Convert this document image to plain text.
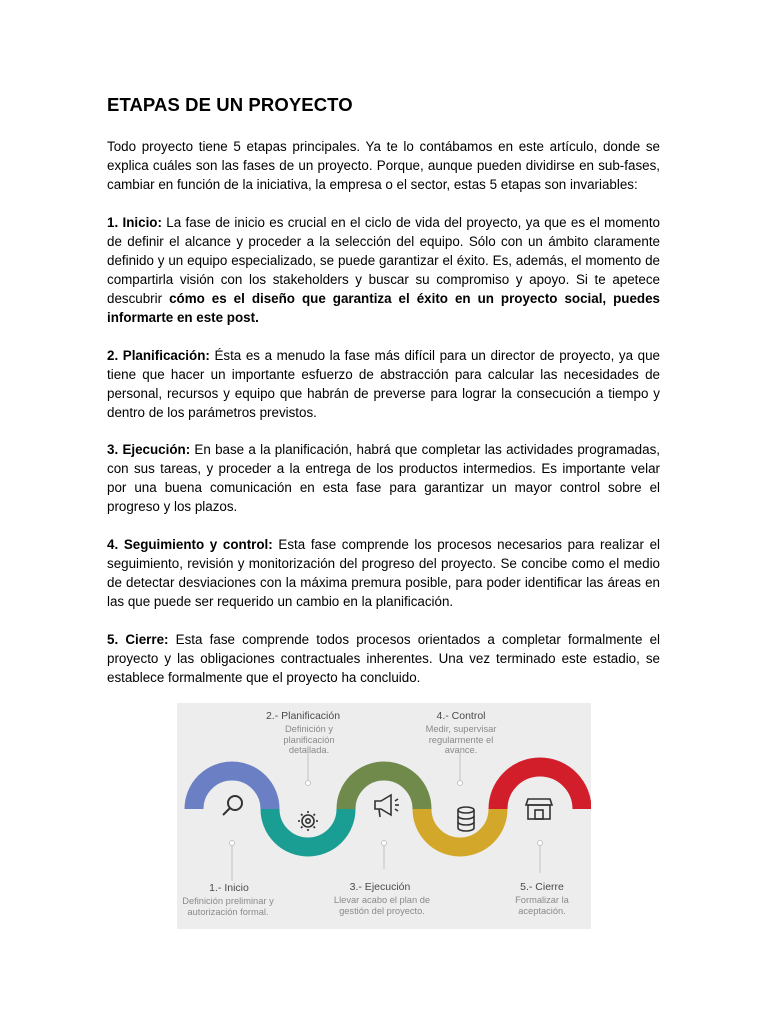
ETAPAS DE UN PROYECTO

Todo proyecto tiene 5 etapas principales. Ya te lo contábamos en este artículo, donde se explica cuáles son las fases de un proyecto. Porque, aunque pueden dividirse en sub-fases, cambiar en función de la iniciativa, la empresa o el sector, estas 5 etapas son invariables:

1. Inicio: La fase de inicio es crucial en el ciclo de vida del proyecto, ya que es el momento de definir el alcance y proceder a la selección del equipo. Sólo con un ámbito claramente definido y un equipo especializado, se puede garantizar el éxito. Es, además, el momento de compartirla visión con los stakeholders y buscar su compromiso y apoyo. Si te apetece descubrir cómo es el diseño que garantiza el éxito en un proyecto social, puedes informarte en este post.

2. Planificación: Ésta es a menudo la fase más difícil para un director de proyecto, ya que tiene que hacer un importante esfuerzo de abstracción para calcular las necesidades de personal, recursos y equipo que habrán de preverse para lograr la consecución a tiempo y dentro de los parámetros previstos.

3. Ejecución: En base a la planificación, habrá que completar las actividades programadas, con sus tareas, y proceder a la entrega de los productos intermedios. Es importante velar por una buena comunicación en esta fase para garantizar un mayor control sobre el progreso y los plazos.

4. Seguimiento y control: Esta fase comprende los procesos necesarios para realizar el seguimiento, revisión y monitorización del progreso del proyecto. Se concibe como el medio de detectar desviaciones con la máxima premura posible, para poder identificar las áreas en las que puede ser requerido un cambio en la planificación.

5. Cierre: Esta fase comprende todos procesos orientados a completar formalmente el proyecto y las obligaciones contractuales inherentes. Una vez terminado este estadio, se establece formalmente que el proyecto ha concluido.

1.- Inicio
Definición preliminar y autorización formal.
2.- Planificación
Definición y planificación detallada.
3.- Ejecución
Llevar acabo el plan de gestión del proyecto.
4.- Control
Medir, supervisar regularmente el avance.
5.- Cierre
Formalizar la aceptación.
